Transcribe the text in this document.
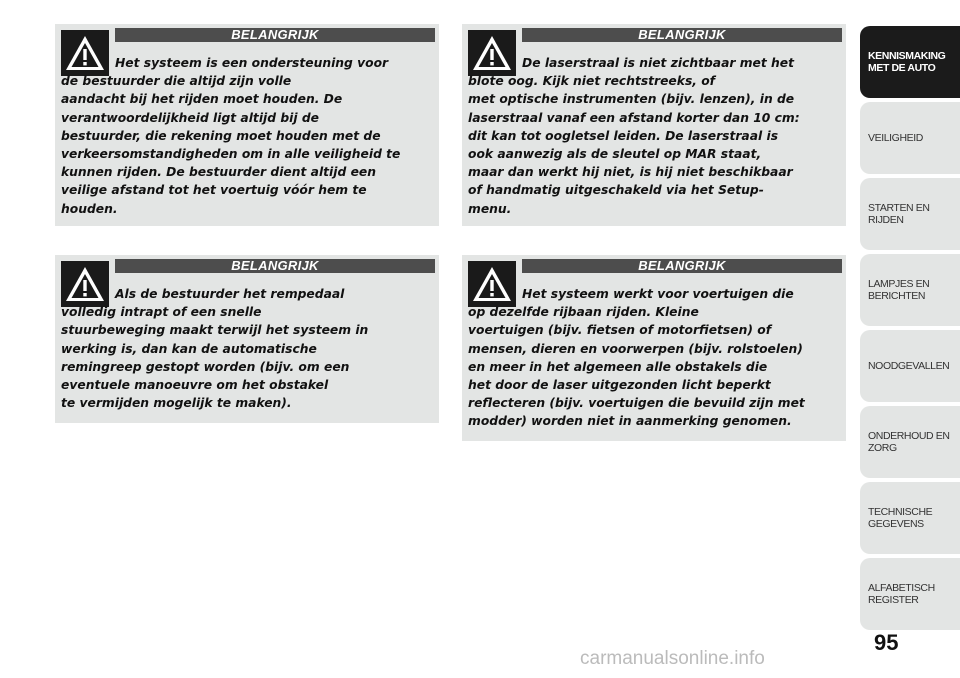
BELANGRIJK
Het systeem is een ondersteuning voor
de bestuurder die altijd zijn volle
aandacht bij het rijden moet houden. De
verantwoordelijkheid ligt altijd bij de
bestuurder, die rekening moet houden met de
verkeersomstandigheden om in alle veiligheid te
kunnen rijden. De bestuurder dient altijd een
veilige afstand tot het voertuig vóór hem te
houden.
BELANGRIJK
De laserstraal is niet zichtbaar met het
blote oog. Kijk niet rechtstreeks, of
met optische instrumenten (bijv. lenzen), in de
laserstraal vanaf een afstand korter dan 10 cm:
dit kan tot oogletsel leiden. De laserstraal is
ook aanwezig als de sleutel op MAR staat,
maar dan werkt hij niet, is hij niet beschikbaar
of handmatig uitgeschakeld via het Setup-
menu.
BELANGRIJK
Als de bestuurder het rempedaal
volledig intrapt of een snelle
stuurbeweging maakt terwijl het systeem in
werking is, dan kan de automatische
remingreep gestopt worden (bijv. om een
eventuele manoeuvre om het obstakel
te vermijden mogelijk te maken).
BELANGRIJK
Het systeem werkt voor voertuigen die
op dezelfde rijbaan rijden. Kleine
voertuigen (bijv. fietsen of motorfietsen) of
mensen, dieren en voorwerpen (bijv. rolstoelen)
en meer in het algemeen alle obstakels die
het door de laser uitgezonden licht beperkt
reflecteren (bijv. voertuigen die bevuild zijn met
modder) worden niet in aanmerking genomen.
KENNISMAKING
MET DE AUTO
VEILIGHEID
STARTEN EN RIJDEN
LAMPJES EN
BERICHTEN
NOODGEVALLEN
ONDERHOUD EN
ZORG
TECHNISCHE
GEGEVENS
ALFABETISCH
REGISTER
95
carmanualsonline.info
